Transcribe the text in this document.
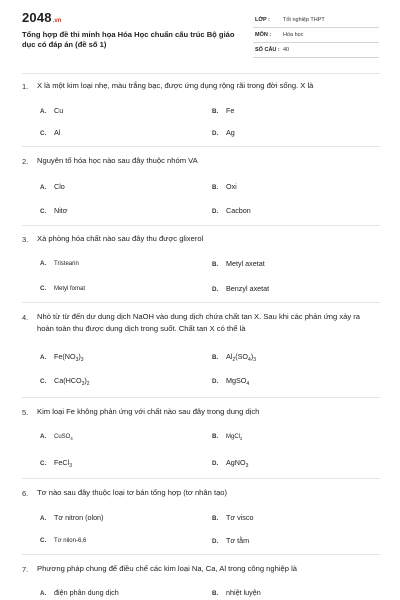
2048.vn
Tổng hợp đề thi minh họa Hóa Học chuẩn cấu trúc Bộ giáo dục có đáp án (đề số 1)
LỚP : Tốt nghiệp THPT
MÔN : Hóa học
SỐ CÂU : 40
1. X là một kim loại nhẹ, màu trắng bạc, được ứng dụng rộng rãi trong đời sống. X là
A. Cu	B. Fe
C. Al	D. Ag
2. Nguyên tố hóa học nào sau đây thuộc nhóm VA
A. Clo	B. Oxi
C. Nitơ	D. Cacbon
3. Xà phòng hóa chất nào sau đây thu được glixerol
A. Tristearin	B. Metyl axetat
C. Metyl fomat	D. Benzyl axetat
4. Nhỏ từ từ đến dư dung dịch NaOH vào dung dịch chứa chất tan X. Sau khi các phản ứng xảy ra hoàn toàn thu được dung dịch trong suốt. Chất tan X có thể là
A. $Fe(NO_3)_3$	B. $Al_2(SO_4)_3$
C. $Ca(HCO_3)_2$	D. MgSO$_4$
5. Kim loại Fe không phản ứng với chất nào sau đây trong dung dịch
A. CuSO$_4$	B. MgCl$_2$
C. FeCl$_3$	D. AgNO$_3$
6. Tơ nào sau đây thuộc loại tơ bán tổng hợp (tơ nhân tạo)
A. Tơ nitron (olon)	B. Tơ visco
C. Tơ nilon-6,6	D. Tơ tằm
7. Phương pháp chung để điều chế các kim loại Na, Ca, Al trong công nghiệp là
A. điện phân dung dịch	B. nhiệt luyện
